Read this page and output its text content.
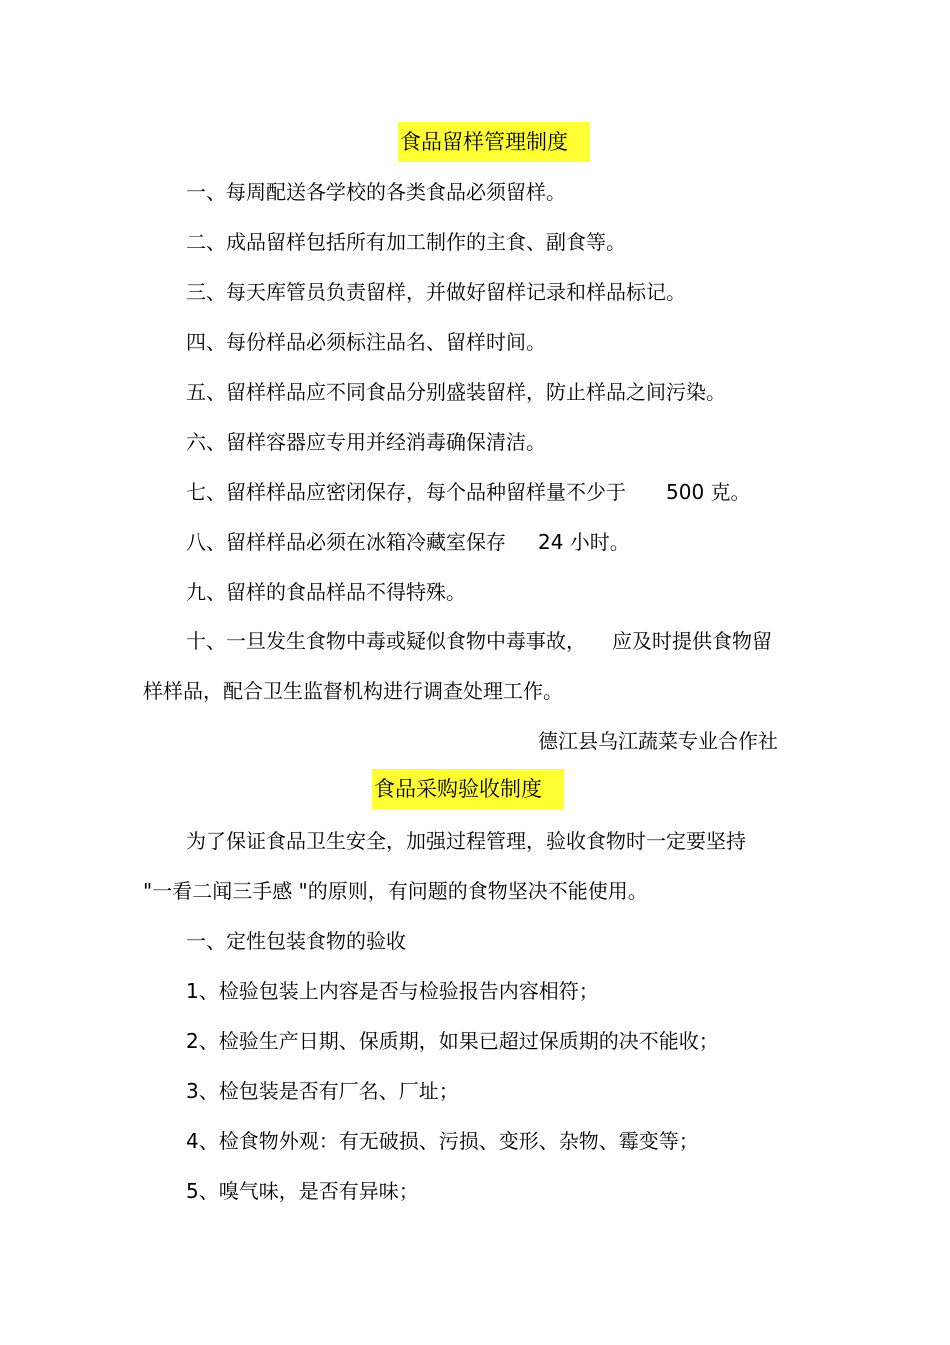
食品留样管理制度
一、每周配送各学校的各类食品必须留样。
二、成品留样包括所有加工制作的主食、副食等。
三、每天库管员负责留样，并做好留样记录和样品标记。
四、每份样品必须标注品名、留样时间。
五、留样样品应不同食品分别盛装留样，防止样品之间污染。
六、留样容器应专用并经消毒确保清洁。
七、留样样品应密闭保存，每个品种留样量不少于 500 克。
八、留样样品必须在冰箱冷藏室保存 24 小时。
九、留样的食品样品不得特殊。
十、一旦发生食物中毒或疑似食物中毒事故， 应及时提供食物留
样样品，配合卫生监督机构进行调查处理工作。
德江县乌江蔬菜专业合作社
食品采购验收制度
为了保证食品卫生安全，加强过程管理，验收食物时一定要坚持
"一看二闻三手感 "的原则，有问题的食物坚决不能使用。
一、定性包装食物的验收
1、检验包装上内容是否与检验报告内容相符；
2、检验生产日期、保质期，如果已超过保质期的决不能收；
3、检包装是否有厂名、厂址；
4、检食物外观：有无破损、污损、变形、杂物、霉变等；
5、嗅气味，是否有异味；
